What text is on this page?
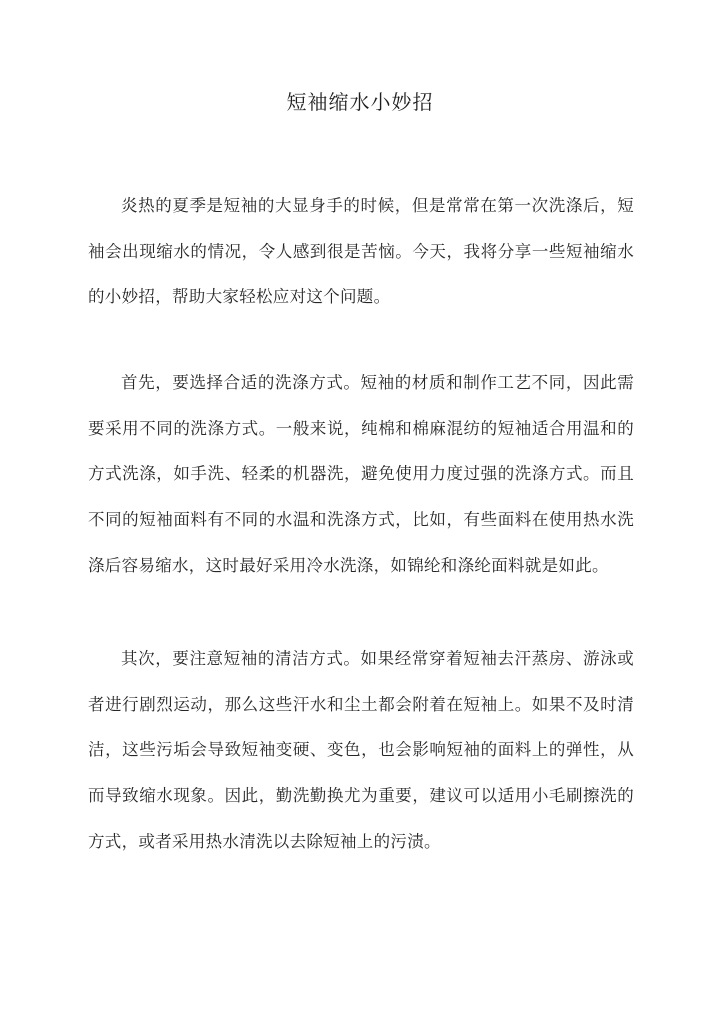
短袖缩水小妙招

炎热的夏季是短袖的大显身手的时候，但是常常在第一次洗涤后，短袖会出现缩水的情况，令人感到很是苦恼。今天，我将分享一些短袖缩水的小妙招，帮助大家轻松应对这个问题。

首先，要选择合适的洗涤方式。短袖的材质和制作工艺不同，因此需要采用不同的洗涤方式。一般来说，纯棉和棉麻混纺的短袖适合用温和的方式洗涤，如手洗、轻柔的机器洗，避免使用力度过强的洗涤方式。而且不同的短袖面料有不同的水温和洗涤方式，比如，有些面料在使用热水洗涤后容易缩水，这时最好采用冷水洗涤，如锦纶和涤纶面料就是如此。

其次，要注意短袖的清洁方式。如果经常穿着短袖去汗蒸房、游泳或者进行剧烈运动，那么这些汗水和尘土都会附着在短袖上。如果不及时清洁，这些污垢会导致短袖变硬、变色，也会影响短袖的面料上的弹性，从而导致缩水现象。因此，勤洗勤换尤为重要，建议可以适用小毛刷擦洗的方式，或者采用热水清洗以去除短袖上的污渍。
